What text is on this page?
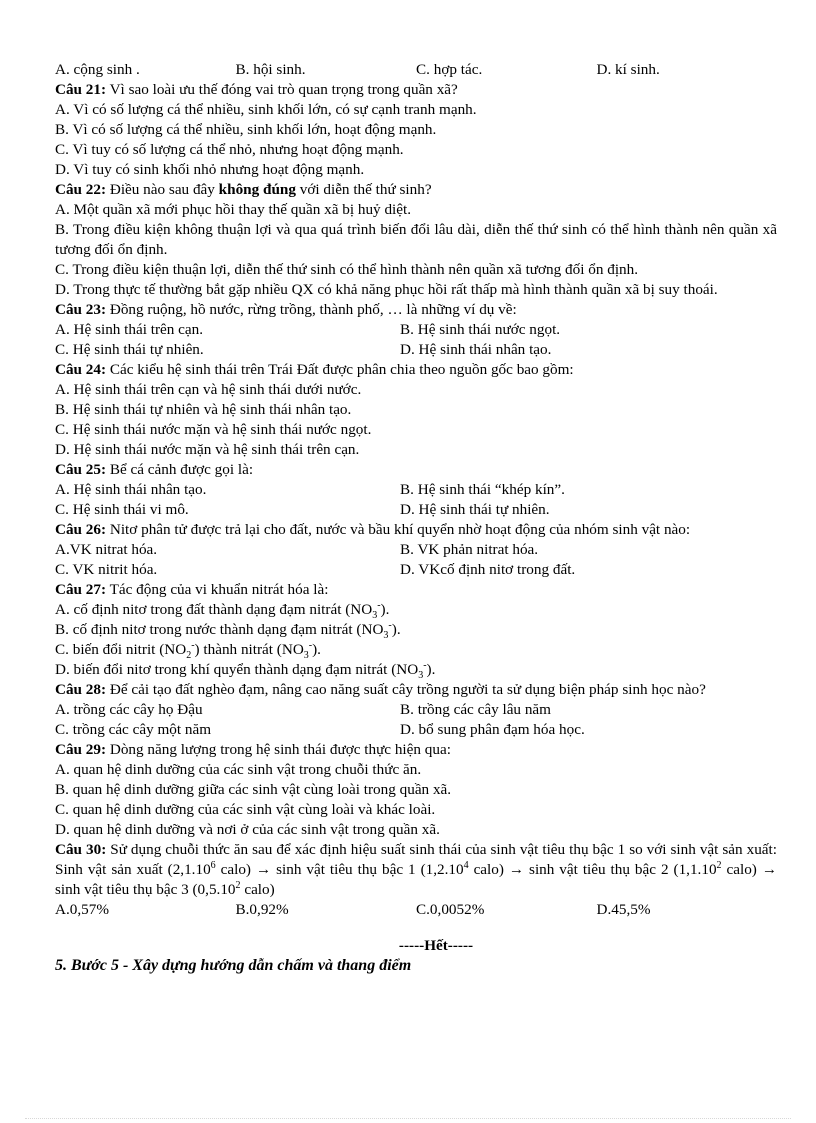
A. cộng sinh .	B. hội sinh.	C. hợp tác.	D. kí sinh.
Câu 21: Vì sao loài ưu thế đóng vai trò quan trọng trong quần xã?
A. Vì có số lượng cá thể nhiều, sinh khối lớn, có sự cạnh tranh mạnh.
B. Vì có số lượng cá thể nhiều, sinh khối lớn, hoạt động mạnh.
C. Vì tuy có số lượng cá thể nhỏ, nhưng hoạt động mạnh.
D. Vì tuy có sinh khối nhỏ nhưng hoạt động mạnh.
Câu 22: Điều nào sau đây không đúng với diễn thế thứ sinh?
A. Một quần xã mới phục hồi thay thế quần xã bị huỷ diệt.
B. Trong điều kiện không thuận lợi và qua quá trình biến đổi lâu dài, diễn thế thứ sinh có thể hình thành nên quần xã tương đối ổn định.
C. Trong điều kiện thuận lợi, diễn thế thứ sinh có thể hình thành nên quần xã tương đối ổn định.
D. Trong thực tế thường bắt gặp nhiều QX có khả năng phục hồi rất thấp mà hình thành quần xã bị suy thoái.
Câu 23: Đồng ruộng, hồ nước, rừng trồng, thành phố, … là những ví dụ về:
A. Hệ sinh thái trên cạn.	B. Hệ sinh thái nước ngọt.
C. Hệ sinh thái tự nhiên.	D. Hệ sinh thái nhân tạo.
Câu 24: Các kiểu hệ sinh thái trên Trái Đất được phân chia theo nguồn gốc bao gồm:
A. Hệ sinh thái trên cạn và hệ sinh thái dưới nước.
B. Hệ sinh thái tự nhiên và hệ sinh thái nhân tạo.
C. Hệ sinh thái nước mặn và hệ sinh thái nước ngọt.
D. Hệ sinh thái nước mặn và hệ sinh thái trên cạn.
Câu 25: Bể cá cảnh được gọi là:
A. Hệ sinh thái nhân tạo.	B. Hệ sinh thái “khép kín”.
C. Hệ sinh thái vi mô.	D. Hệ sinh thái tự nhiên.
Câu 26: Nitơ phân tử được trả lại cho đất, nước và bầu khí quyển nhờ hoạt động của nhóm sinh vật nào:
A.VK nitrat hóa.	B. VK phản nitrat hóa.
C. VK nitrit hóa.	D. VKcố định nitơ trong đất.
Câu 27: Tác động của vi khuẩn nitrát hóa là:
A. cố định nitơ trong đất thành dạng đạm nitrát $(NO_3^-)$.
B. cố định nitơ trong nước thành dạng đạm nitrát $(NO_3^-)$.
C. biến đổi nitrit $(NO_2^-)$ thành nitrát $(NO_3^-)$.
D. biến đổi nitơ trong khí quyển thành dạng đạm nitrát $(NO_3^-)$.
Câu 28: Để cải tạo đất nghèo đạm, nâng cao năng suất cây trồng người ta sử dụng biện pháp sinh học nào?
A. trồng các cây họ Đậu	B. trồng các cây lâu năm
C. trồng các cây một năm	D. bổ sung phân đạm hóa học.
Câu 29: Dòng năng lượng trong hệ sinh thái được thực hiện qua:
A. quan hệ dinh dưỡng của các sinh vật trong chuỗi thức ăn.
B. quan hệ dinh dưỡng giữa các sinh vật cùng loài trong quần xã.
C. quan hệ dinh dưỡng của các sinh vật cùng loài và khác loài.
D. quan hệ dinh dưỡng và nơi ở của các sinh vật trong quần xã.
Câu 30: Sử dụng chuỗi thức ăn sau để xác định hiệu suất sinh thái của sinh vật tiêu thụ bậc 1 so với sinh vật sản xuất: Sinh vật sản xuất (2,1.10$^6$ calo) → sinh vật tiêu thụ bậc 1 (1,2.10$^4$ calo) → sinh vật tiêu thụ bậc 2 (1,1.10$^2$ calo) → sinh vật tiêu thụ bậc 3 (0,5.10$^2$ calo)
A.0,57%	B.0,92%	C.0,0052%	D.45,5%
-----Hết-----
5. Bước 5 - Xây dựng hướng dẫn chấm và thang điểm
